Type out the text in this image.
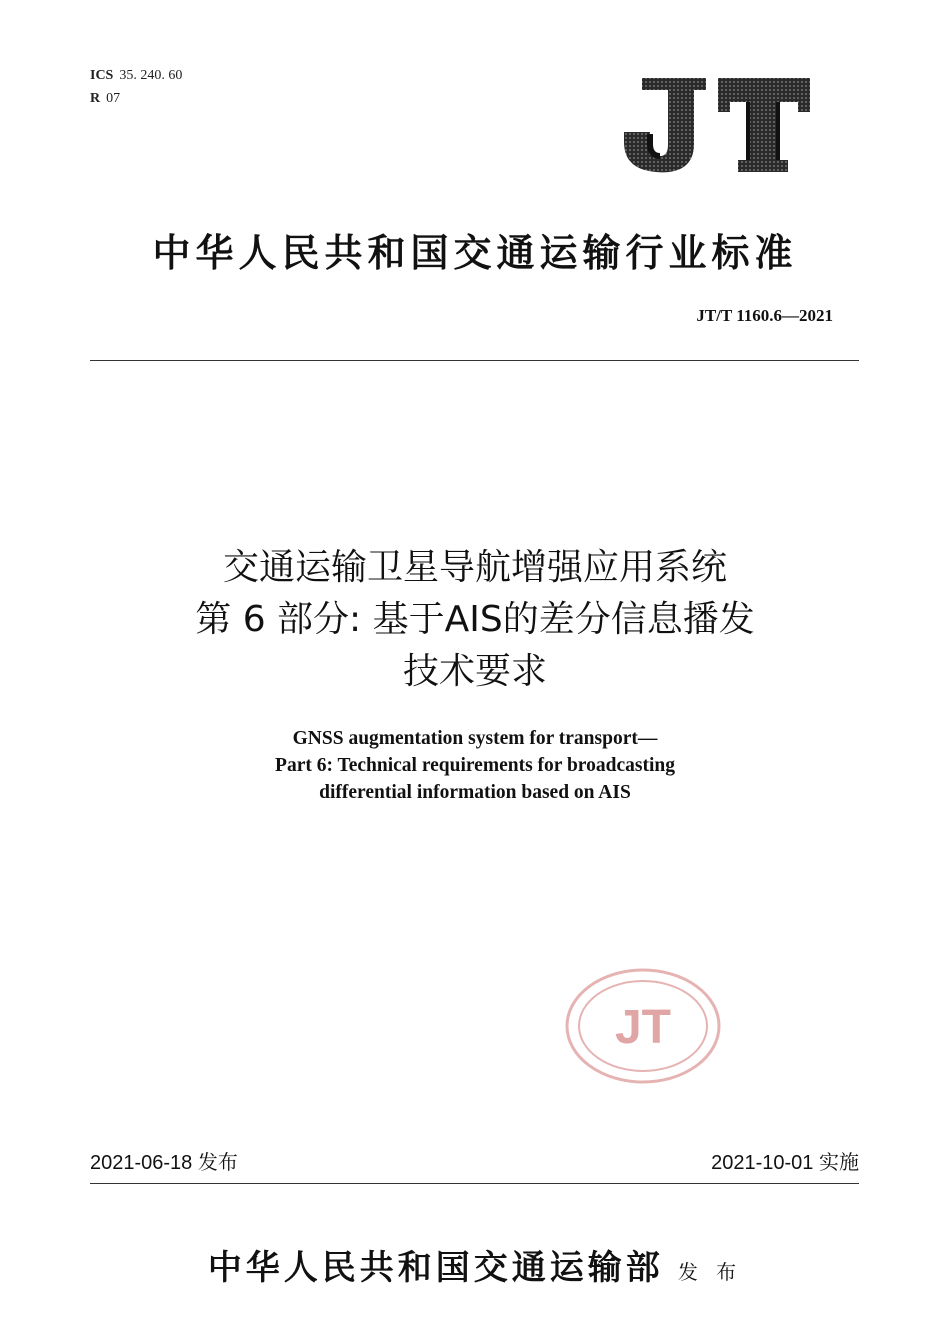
ICS 35. 240. 60
R 07
中华人民共和国交通运输行业标准
JT/T 1160.6—2021
交通运输卫星导航增强应用系统
第 6 部分: 基于AIS的差分信息播发
技术要求
GNSS augmentation system for transport—
Part 6: Technical requirements for broadcasting
differential information based on AIS
JT
2021-06-18 发布	2021-10-01 实施
中华人民共和国交通运输部 发 布
